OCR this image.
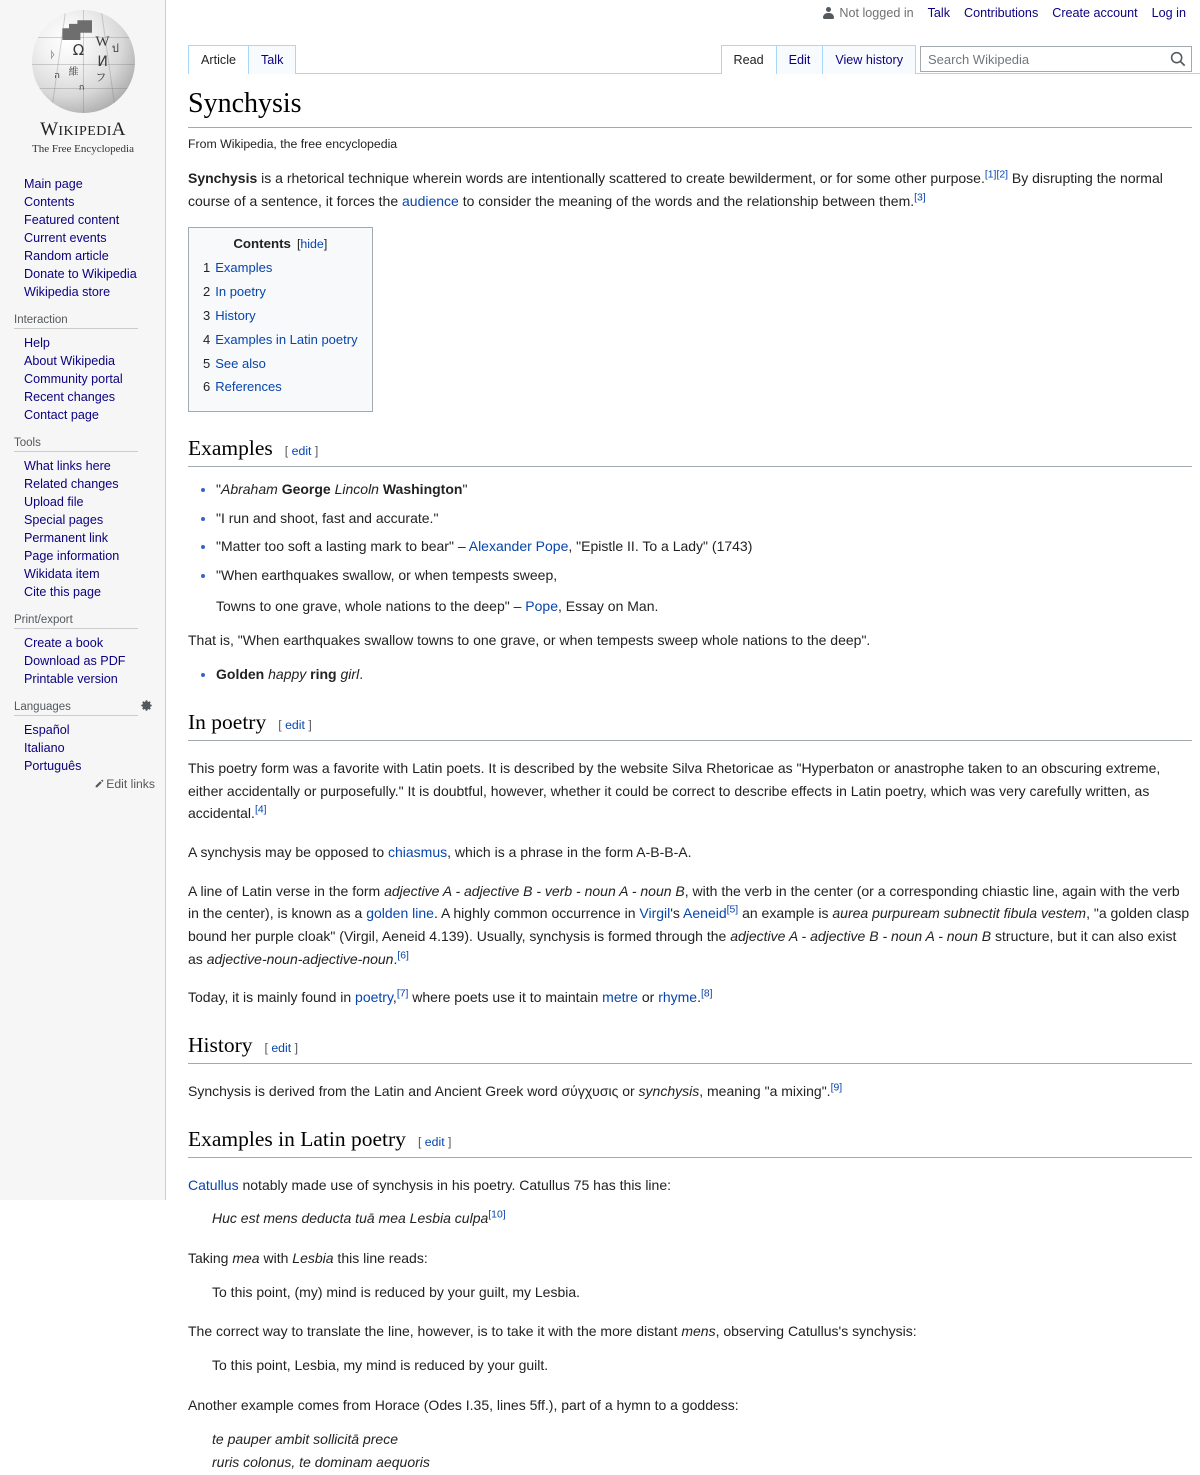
Not logged in Talk Contributions Create account Log in
Ω W
И
ᚦ
維 フ
ป
ה
ก
WIKIPEDIA
The Free Encyclopedia
Main page
Contents
Featured content
Current events
Random article
Donate to Wikipedia
Wikipedia store
Interaction
Help
About Wikipedia
Community portal
Recent changes
Contact page
Tools
What links here
Related changes
Upload file
Special pages
Permanent link
Page information
Wikidata item
Cite this page
Print/export
Create a book
Download as PDF
Printable version
Languages
Español
Italiano
Português
Edit links
Article	Talk	Read	Edit	View history
Search Wikipedia
Synchysis
From Wikipedia, the free encyclopedia

Synchysis is a rhetorical technique wherein words are intentionally scattered to create bewilderment, or for some other purpose.[1][2] By disrupting the normal course of a sentence, it forces the audience to consider the meaning of the words and the relationship between them.[3]

Contents [hide]
1 Examples
2 In poetry
3 History
4 Examples in Latin poetry
5 See also
6 References
Examples [ edit ]
• "Abraham George Lincoln Washington"
• "I run and shoot, fast and accurate."
• "Matter too soft a lasting mark to bear" – Alexander Pope, "Epistle II. To a Lady" (1743)
• "When earthquakes swallow, or when tempests sweep,
Towns to one grave, whole nations to the deep" – Pope, Essay on Man.

That is, "When earthquakes swallow towns to one grave, or when tempests sweep whole nations to the deep".

• Golden happy ring girl.
In poetry [ edit ]

This poetry form was a favorite with Latin poets. It is described by the website Silva Rhetoricae as "Hyperbaton or anastrophe taken to an obscuring extreme, either accidentally or purposefully." It is doubtful, however, whether it could be correct to describe effects in Latin poetry, which was very carefully written, as accidental.[4]

A synchysis may be opposed to chiasmus, which is a phrase in the form A-B-B-A.

A line of Latin verse in the form adjective A - adjective B - verb - noun A - noun B, with the verb in the center (or a corresponding chiastic line, again with the verb in the center), is known as a golden line. A highly common occurrence in Virgil's Aeneid[5] an example is aurea purpuream subnectit fibula vestem, "a golden clasp bound her purple cloak" (Virgil, Aeneid 4.139). Usually, synchysis is formed through the adjective A - adjective B - noun A - noun B structure, but it can also exist as adjective-noun-adjective-noun.[6]

Today, it is mainly found in poetry,[7] where poets use it to maintain metre or rhyme.[8]

History [ edit ]

Synchysis is derived from the Latin and Ancient Greek word σύγχυσις or synchysis, meaning "a mixing".[9]

Examples in Latin poetry [ edit ]

Catullus notably made use of synchysis in his poetry. Catullus 75 has this line:

Huc est mens deducta tuā mea Lesbia culpa[10]

Taking mea with Lesbia this line reads:

To this point, (my) mind is reduced by your guilt, my Lesbia.

The correct way to translate the line, however, is to take it with the more distant mens, observing Catullus's synchysis:

To this point, Lesbia, my mind is reduced by your guilt.

Another example comes from Horace (Odes I.35, lines 5ff.), part of a hymn to a goddess:

te pauper ambit sollicitā prece
ruris colonus, te dominam aequoris
